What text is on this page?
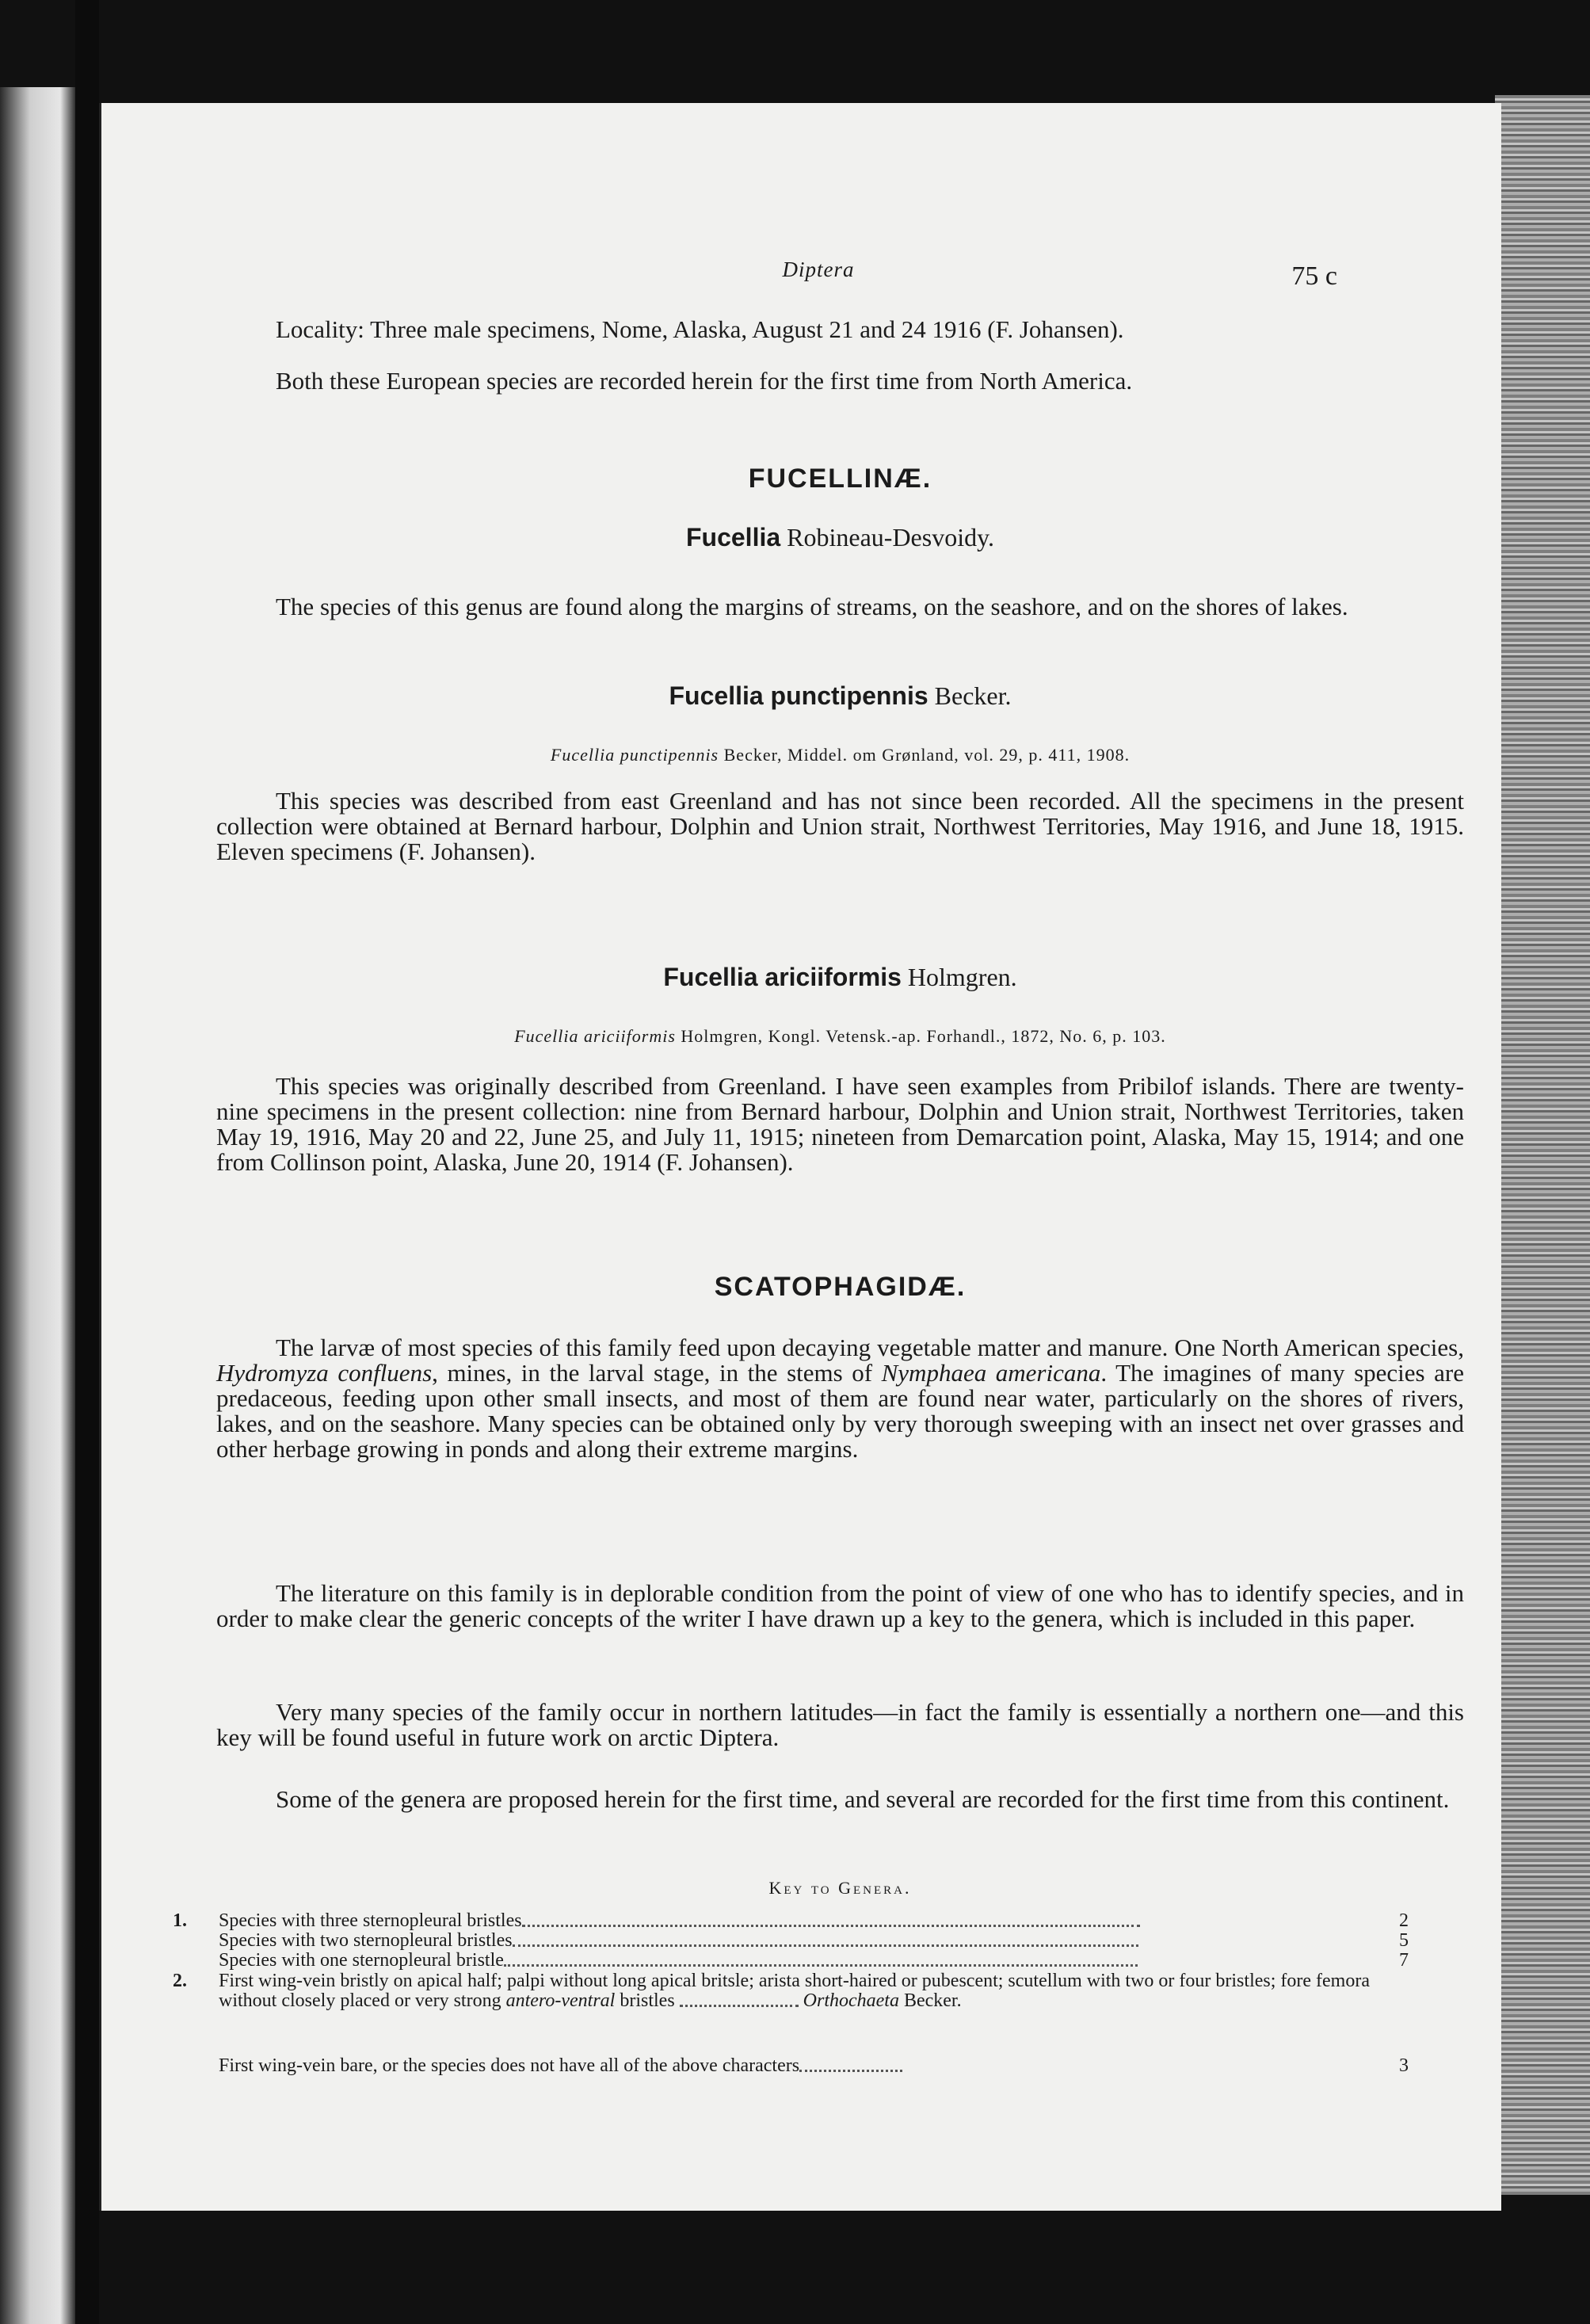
Diptera	75 c

Locality: Three male specimens, Nome, Alaska, August 21 and 24 1916 (F. Johansen).

Both these European species are recorded herein for the first time from North America.

FUCELLINÆ.
Fucellia Robineau-Desvoidy.

The species of this genus are found along the margins of streams, on the seashore, and on the shores of lakes.

Fucellia punctipennis Becker.
Fucellia punctipennis Becker, Middel. om Grønland, vol. 29, p. 411, 1908.

This species was described from east Greenland and has not since been recorded. All the specimens in the present collection were obtained at Bernard harbour, Dolphin and Union strait, Northwest Territories, May 1916, and June 18, 1915. Eleven specimens (F. Johansen).

Fucellia ariciiformis Holmgren.
Fucellia ariciiformis Holmgren, Kongl. Vetensk.-ap. Forhandl., 1872, No. 6, p. 103.

This species was originally described from Greenland. I have seen examples from Pribilof islands. There are twenty-nine specimens in the present collection: nine from Bernard harbour, Dolphin and Union strait, Northwest Territories, taken May 19, 1916, May 20 and 22, June 25, and July 11, 1915; nineteen from Demarcation point, Alaska, May 15, 1914; and one from Collinson point, Alaska, June 20, 1914 (F. Johansen).

SCATOPHAGIDÆ.

The larvæ of most species of this family feed upon decaying vegetable matter and manure. One North American species, Hydromyza confluens, mines, in the larval stage, in the stems of Nymphaea americana. The imagines of many species are predaceous, feeding upon other small insects, and most of them are found near water, particularly on the shores of rivers, lakes, and on the seashore. Many species can be obtained only by very thorough sweeping with an insect net over grasses and other herbage growing in ponds and along their extreme margins.

The literature on this family is in deplorable condition from the point of view of one who has to identify species, and in order to make clear the generic concepts of the writer I have drawn up a key to the genera, which is included in this paper.

Very many species of the family occur in northern latitudes—in fact the family is essentially a northern one—and this key will be found useful in future work on arctic Diptera.

Some of the genera are proposed herein for the first time, and several are recorded for the first time from this continent.

Key to Genera.
1.	Species with three sternopleural bristles	2
Species with two sternopleural bristles	5
Species with one sternopleural bristle	7
2.	First wing-vein bristly on apical half; palpi without long apical britsle; arista short-haired or pubescent; scutellum with two or four bristles; fore femora without closely placed or very strong antero-ventral bristles	Orthochaeta Becker.
First wing-vein bare, or the species does not have all of the above characters	3
